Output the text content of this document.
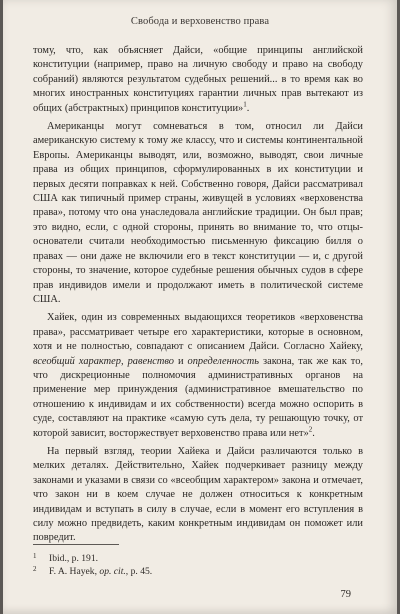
Свобода и верховенство права

тому, что, как объясняет Дайси, «общие принципы английской конституции (например, право на личную свободу и право на свободу собраний) являются результатом судебных решений... в то время как во многих иностранных конституциях гарантии личных прав вытекают из общих (абстрактных) принципов конституции»$^1$.

Американцы могут сомневаться в том, относил ли Дайси американскую систему к тому же классу, что и системы континентальной Европы. Американцы выводят, или, возможно, выводят, свои личные права из общих принципов, сформулированных в их конституции и первых десяти поправках к ней. Собственно говоря, Дайси рассматривал США как типичный пример страны, живущей в условиях «верховенства права», потому что она унаследовала английские традиции. Он был прав; это видно, если, с одной стороны, принять во внимание то, что отцы-основатели считали необходимостью письменную фиксацию билля о правах — они даже не включили его в текст конституции — и, с другой стороны, то значение, которое судебные решения обычных судов в сфере прав индивидов имели и продолжают иметь в политической системе США.

Хайек, один из современных выдающихся теоретиков «верховенства права», рассматривает четыре его характеристики, которые в основном, хотя и не полностью, совпадают с описанием Дайси. Согласно Хайеку, всеобщий характер, равенство и определенность закона, так же как то, что дискреционные полномочия административных органов на применение мер принуждения (административное вмешательство по отношению к индивидам и их собственности) всегда можно оспорить в суде, составляют на практике «самую суть дела, ту решающую точку, от которой зависит, восторжествует верховенство права или нет»$^2$.

На первый взгляд, теории Хайека и Дайси различаются только в мелких деталях. Действительно, Хайек подчеркивает разницу между законами и указами в связи со «всеобщим характером» закона и отмечает, что закон ни в коем случае не должен относиться к конкретным индивидам и вступать в силу в случае, если в момент его вступления в силу можно предвидеть, каким конкретным индивидам он поможет или повредит.

1 Ibid., p. 191.
2 F. A. Hayek, op. cit., p. 45.
79
